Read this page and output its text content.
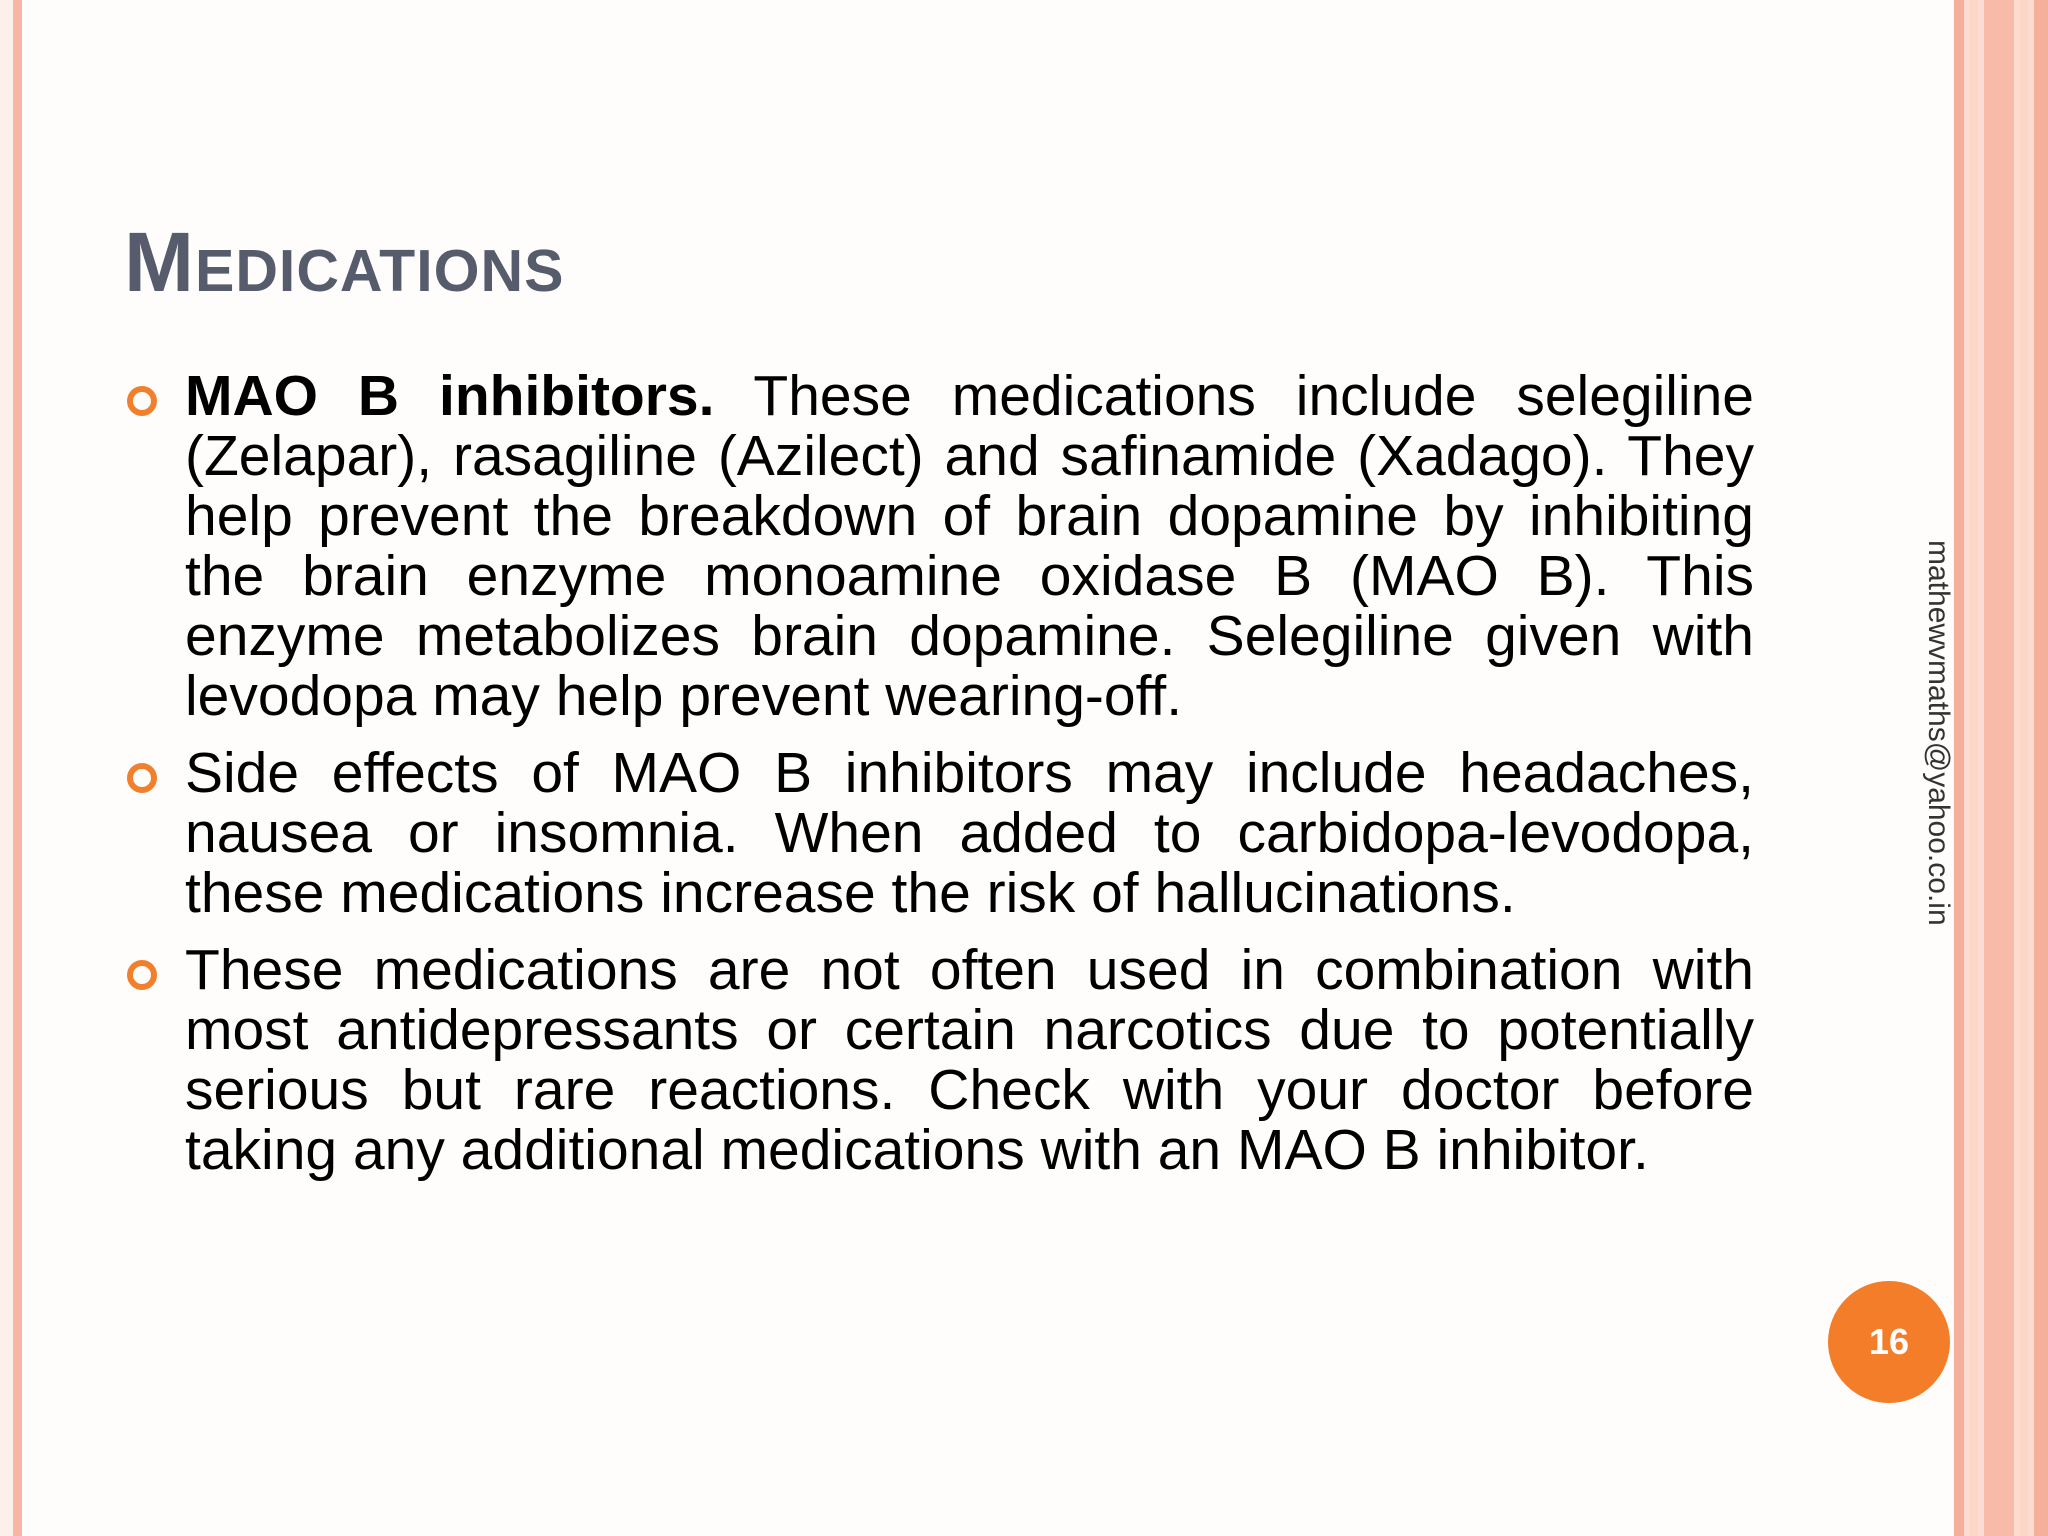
Medications
MAO B inhibitors. These medications include selegiline (Zelapar), rasagiline (Azilect) and safinamide (Xadago). They help prevent the breakdown of brain dopamine by inhibiting the brain enzyme monoamine oxidase B (MAO B). This enzyme metabolizes brain dopamine. Selegiline given with levodopa may help prevent wearing-off.
Side effects of MAO B inhibitors may include headaches, nausea or insomnia. When added to carbidopa-levodopa, these medications increase the risk of hallucinations.
These medications are not often used in combination with most antidepressants or certain narcotics due to potentially serious but rare reactions. Check with your doctor before taking any additional medications with an MAO B inhibitor.
mathewvmaths@yahoo.co.in
16
